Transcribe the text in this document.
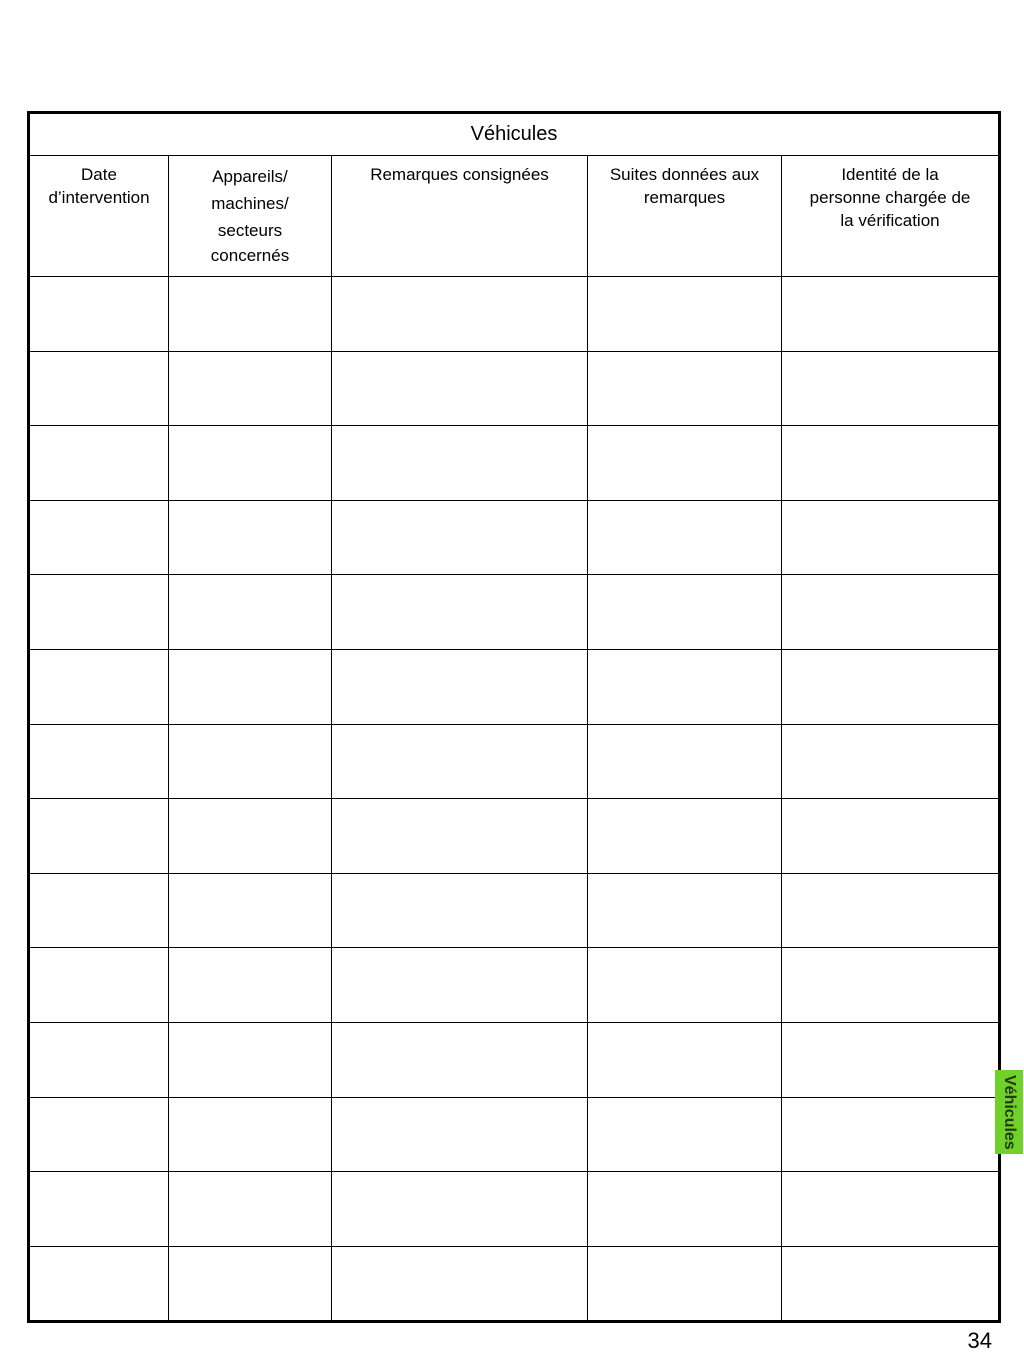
Véhicules				

Date
d’intervention	Appareils/
machines/
secteurs
concernés	Remarques consignées	Suites données aux
remarques	Identité de la
personne chargée de
la vérification

Véhicules
34
